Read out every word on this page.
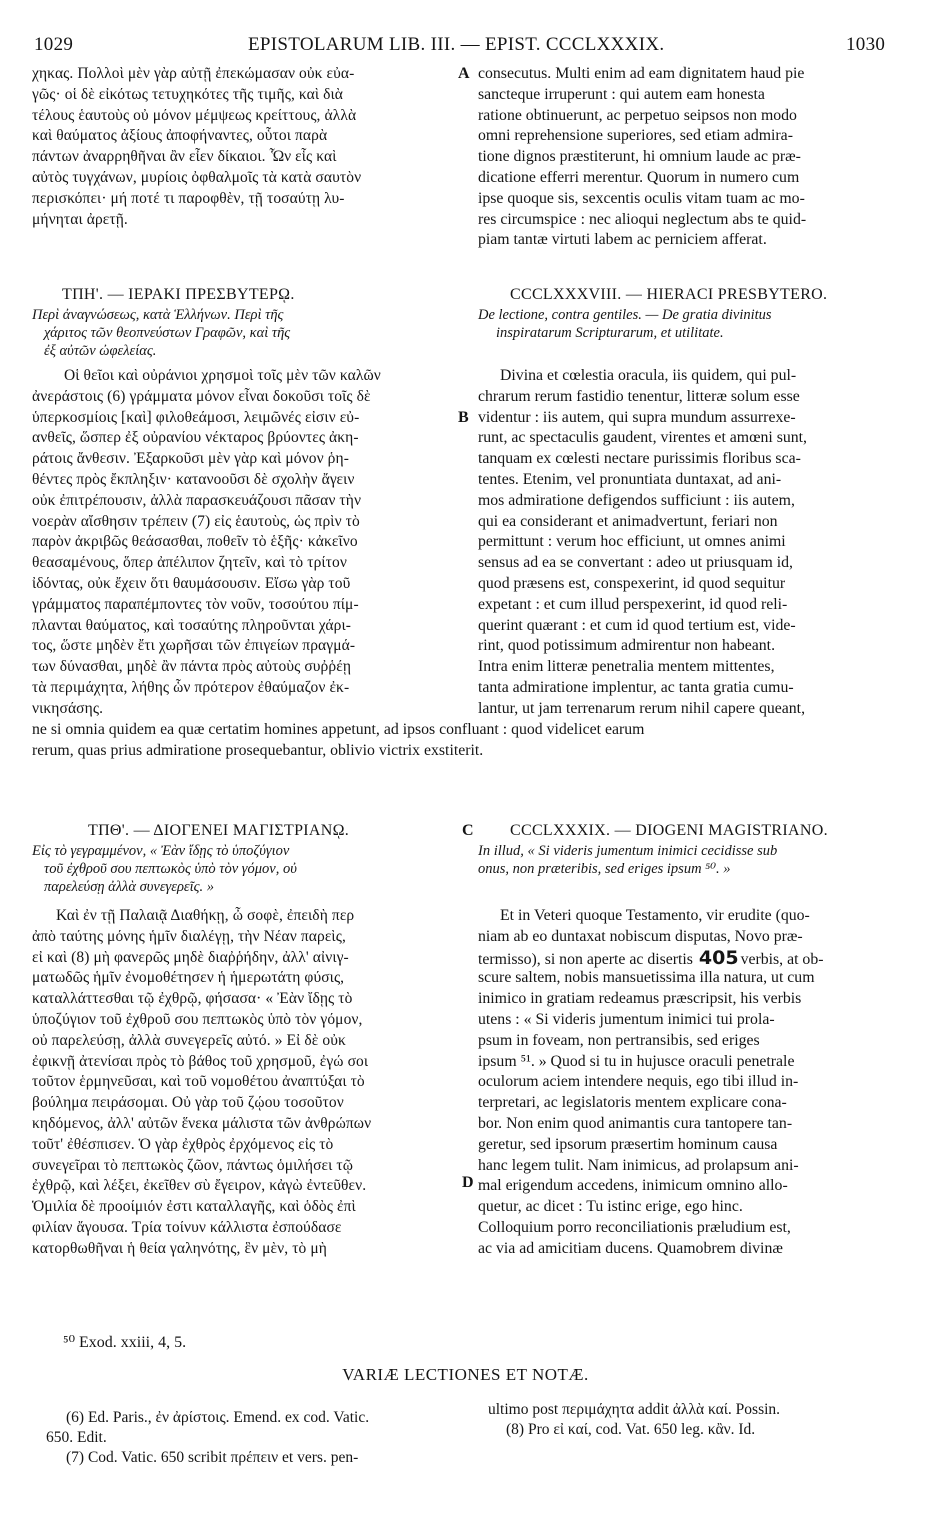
1029	EPISTOLARUM LIB. III. — EPIST. CCCLXXXIX.	1030
χηκας. Πολλοὶ μὲν γὰρ αὐτῇ ἐπεκώμασαν οὐκ εὐα-
γῶς· οἱ δὲ εἰκότως τετυχηκότες τῆς τιμῆς, καὶ διὰ
τέλους ἑαυτοὺς οὐ μόνον μέμψεως κρείττους, ἀλλὰ
καὶ θαύματος ἀξίους ἀποφήναντες, οὗτοι παρὰ
πάντων ἀναρρηθῆναι ἂν εἶεν δίκαιοι. Ὧν εἷς καὶ
αὐτὸς τυγχάνων, μυρίοις ὀφθαλμοῖς τὰ κατὰ σαυτὸν
περισκόπει· μή ποτέ τι παροφθὲν, τῇ τοσαύτῃ λυ-
μήνηται ἀρετῇ.
A consecutus. Multi enim ad eam dignitatem haud pie
sancteque irruperunt : qui autem eam honesta
ratione obtinuerunt, ac perpetuo seipsos non modo
omni reprehensione superiores, sed etiam admira-
tione dignos præstiterunt, hi omnium laude ac præ-
dicatione efferri merentur. Quorum in numero cum
ipse quoque sis, sexcentis oculis vitam tuam ac mo-
res circumspice : nec alioqui neglectum abs te quid-
piam tantæ virtuti labem ac perniciem afferat.
ΤΠΗ'. — ΙΕΡΑΚΙ ΠΡΕΣΒΥΤΕΡῼ.
Περὶ ἀναγνώσεως, κατὰ Ἑλλήνων. Περὶ τῆς
χάριτος τῶν θεοπνεύστων Γραφῶν, καὶ τῆς
ἐξ αὐτῶν ὠφελείας.
CCCLXXXVIII. — HIERACI PRESBYTERO.
De lectione, contra gentiles. — De gratia divinitus
inspiratarum Scripturarum, et utilitate.
Οἱ θεῖοι καὶ οὐράνιοι χρησμοὶ τοῖς μὲν τῶν καλῶν
ἀνεράστοις (6) γράμματα μόνον εἶναι δοκοῦσι τοῖς δὲ
ὑπερκοσμίοις [καὶ] φιλοθεάμοσι, λειμῶνές εἰσιν εὐ-
ανθεῖς, ὥσπερ ἐξ οὐρανίου νέκταρος βρύοντες ἀκη-
ράτοις ἄνθεσιν. Ἐξαρκοῦσι μὲν γὰρ καὶ μόνον ῥη-
θέντες πρὸς ἔκπληξιν· κατανοοῦσι δὲ σχολὴν ἄγειν
οὐκ ἐπιτρέπουσιν, ἀλλὰ παρασκευάζουσι πᾶσαν τὴν
νοερὰν αἴσθησιν τρέπειν (7) εἰς ἑαυτοὺς, ὡς πρὶν τὸ
παρὸν ἀκριβῶς θεάσασθαι, ποθεῖν τὸ ἑξῆς· κἀκεῖνο
θεασαμένους, ὅπερ ἀπέλιπον ζητεῖν, καὶ τὸ τρίτον
ἰδόντας, οὐκ ἔχειν ὅτι θαυμάσουσιν. Εἴσω γὰρ τοῦ
γράμματος παραπέμποντες τὸν νοῦν, τοσούτου πίμ-
πλανται θαύματος, καὶ τοσαύτης πληροῦνται χάρι-
τος, ὥστε μηδὲν ἔτι χωρῆσαι τῶν ἐπιγείων πραγμά-
των δύνασθαι, μηδὲ ἂν πάντα πρὸς αὐτοὺς συῤῥέῃ
τὰ περιμάχητα, λήθης ὧν πρότερον ἐθαύμαζον ἐκ-
νικησάσης.
B
Divina et cœlestia oracula, iis quidem, qui pul-
chrarum rerum fastidio tenentur, litteræ solum esse
videntur : iis autem, qui supra mundum assurrexe-
runt, ac spectaculis gaudent, virentes et amœni sunt,
tanquam ex cœlesti nectare purissimis floribus sca-
tentes. Etenim, vel pronuntiata duntaxat, ad ani-
mos admiratione defigendos sufficiunt : iis autem,
qui ea considerant et animadvertunt, feriari non
permittunt : verum hoc efficiunt, ut omnes animi
sensus ad ea se convertant : adeo ut priusquam id,
quod præsens est, conspexerint, id quod sequitur
expetant : et cum illud perspexerint, id quod reli-
querint quærant : et cum id quod tertium est, vide-
rint, quod potissimum admirentur non habeant.
Intra enim litteræ penetralia mentem mittentes,
tanta admiratione implentur, ac tanta gratia cumu-
lantur, ut jam terrenarum rerum nihil capere queant,
ne si omnia quidem ea quæ certatim homines appetunt, ad ipsos confluant : quod videlicet earum
rerum, quas prius admiratione prosequebantur, oblivio victrix exstiterit.
ΤΠΘ'. — ΔΙΟΓΕΝΕΙ ΜΑΓΙΣΤΡΙΑΝῼ.	C
Εἰς τὸ γεγραμμένον, « Ἐὰν ἴδῃς τὸ ὑποζύγιον
τοῦ ἐχθροῦ σου πεπτωκὸς ὑπὸ τὸν γόμον, οὐ
παρελεύσῃ ἀλλὰ συνεγερεῖς. »
CCCLXXXIX. — DIOGENI MAGISTRIANO.
In illud, « Si videris jumentum inimici cecidisse sub
onus, non præteribis, sed eriges ipsum ⁵⁰. »
Καὶ ἐν τῇ Παλαιᾷ Διαθήκῃ, ὦ σοφὲ, ἐπειδὴ περ
ἀπὸ ταύτης μόνης ἡμῖν διαλέγῃ, τὴν Νέαν παρεὶς,
εἰ καὶ (8) μὴ φανερῶς μηδὲ διαῤῥήδην, ἀλλ' αἰνιγ-
ματωδῶς ἡμῖν ἐνομοθέτησεν ἡ ἡμερωτάτη φύσις,
καταλλάττεσθαι τῷ ἐχθρῷ, φήσασα· « Ἐὰν ἴδῃς τὸ
ὑποζύγιον τοῦ ἐχθροῦ σου πεπτωκὸς ὑπὸ τὸν γόμον,
οὐ παρελεύσῃ, ἀλλὰ συνεγερεῖς αὐτό. » Εἰ δὲ οὐκ
ἐφικνῇ ἀτενίσαι πρὸς τὸ βάθος τοῦ χρησμοῦ, ἐγώ σοι
τοῦτον ἑρμηνεῦσαι, καὶ τοῦ νομοθέτου ἀναπτύξαι τὸ
βούλημα πειράσομαι. Οὐ γὰρ τοῦ ζῴου τοσοῦτον
κηδόμενος, ἀλλ' αὐτῶν ἕνεκα μάλιστα τῶν ἀνθρώπων
τοῦτ' ἐθέσπισεν. Ὁ γὰρ ἐχθρὸς ἐρχόμενος εἰς τὸ
συνεγεῖραι τὸ πεπτωκὸς ζῶον, πάντως ὁμιλήσει τῷ
ἐχθρῷ, καὶ λέξει, ἐκεῖθεν σὺ ἔγειρον, κἀγὼ ἐντεῦθεν.
Ὁμιλία δὲ προοίμιόν ἐστι καταλλαγῆς, καὶ ὁδὸς ἐπὶ
φιλίαν ἄγουσα. Τρία τοίνυν κάλλιστα ἐσπούδασε
κατορθωθῆναι ἡ θεία γαληνότης, ἓν μὲν, τὸ μὴ
D
Et in Veteri quoque Testamento, vir erudite (quo-
niam ab eo duntaxat nobiscum disputas, Novo præ-
termisso), si non aperte ac disertis 405 verbis, at ob-
scure saltem, nobis mansuetissima illa natura, ut cum
inimico in gratiam redeamus præscripsit, his verbis
utens : « Si videris jumentum inimici tui prola-
psum in foveam, non pertransibis, sed eriges
ipsum ⁵¹. » Quod si tu in hujusce oraculi penetrale
oculorum aciem intendere nequis, ego tibi illud in-
terpretari, ac legislatoris mentem explicare cona-
bor. Non enim quod animantis cura tantopere tan-
geretur, sed ipsorum præsertim hominum causa
hanc legem tulit. Nam inimicus, ad prolapsum ani-
mal erigendum accedens, inimicum omnino allo-
quetur, ac dicet : Tu istinc erige, ego hinc.
Colloquium porro reconciliationis præludium est,
ac via ad amicitiam ducens. Quamobrem divinæ
⁵⁰ Exod. xxiii, 4, 5.
VARIÆ LECTIONES ET NOTÆ.
(6) Ed. Paris., ἐν ἀρίστοις. Emend. ex cod. Vatic.
650. Edit.
(7) Cod. Vatic. 650 scribit πρέπειν et vers. pen-
ultimo post περιμάχητα addit ἀλλὰ καί. Possin.
(8) Pro εἰ καί, cod. Vat. 650 leg. κἂν. Id.
